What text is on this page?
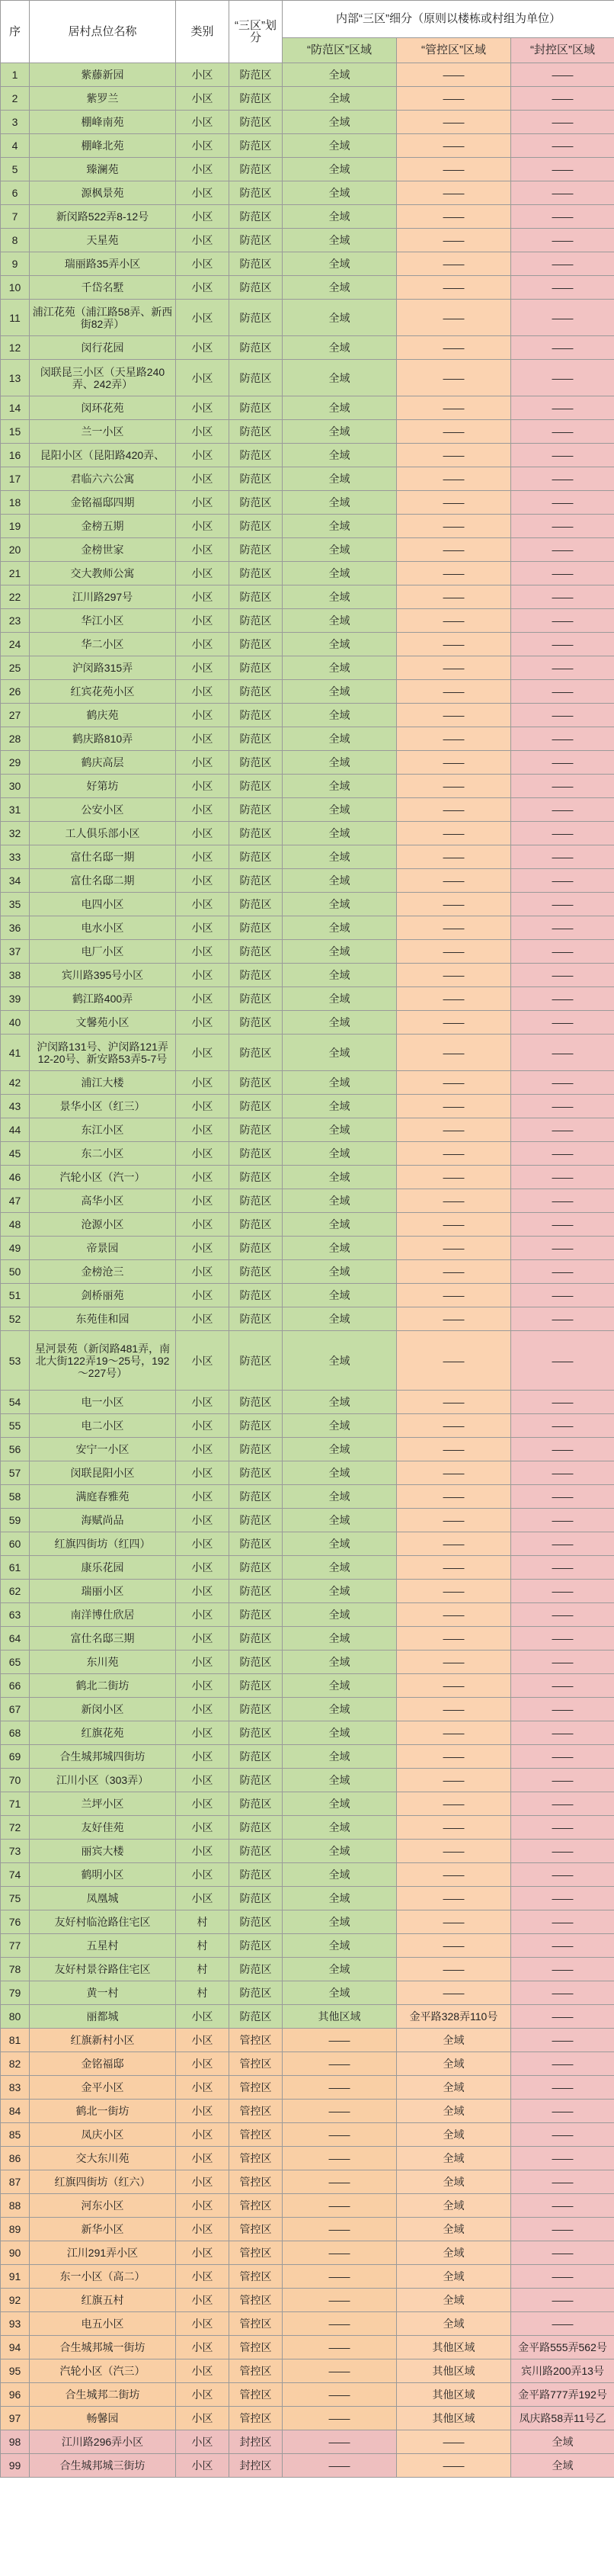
序	居村点位名称	类别	“三区”划分	内部“三区”细分（原则以楼栋或村组为单位）		
				“防范区”区域	“管控区”区域	“封控区”区域
1	紫藤新园	小区	防范区	全域	——	——
2	紫罗兰	小区	防范区	全域	——	——
3	棚峰南苑	小区	防范区	全域	——	——
4	棚峰北苑	小区	防范区	全域	——	——
5	臻澜苑	小区	防范区	全域	——	——
6	源枫景苑	小区	防范区	全域	——	——
7	新闵路522弄8-12号	小区	防范区	全域	——	——
8	天星苑	小区	防范区	全域	——	——
9	瑞丽路35弄小区	小区	防范区	全域	——	——
10	千岱名墅	小区	防范区	全域	——	——
11	浦江花苑（浦江路58弄、新西街82弄）	小区	防范区	全域	——	——
12	闵行花园	小区	防范区	全域	——	——
13	闵联昆三小区（天星路240弄、242弄）	小区	防范区	全域	——	——
14	闵环花苑	小区	防范区	全域	——	——
15	兰一小区	小区	防范区	全域	——	——
16	昆阳小区（昆阳路420弄、	小区	防范区	全域	——	——
17	君临六六公寓	小区	防范区	全域	——	——
18	金铭福邸四期	小区	防范区	全域	——	——
19	金榜五期	小区	防范区	全域	——	——
20	金榜世家	小区	防范区	全域	——	——
21	交大教师公寓	小区	防范区	全域	——	——
22	江川路297号	小区	防范区	全域	——	——
23	华江小区	小区	防范区	全域	——	——
24	华二小区	小区	防范区	全域	——	——
25	沪闵路315弄	小区	防范区	全域	——	——
26	红宾花苑小区	小区	防范区	全域	——	——
27	鹤庆苑	小区	防范区	全域	——	——
28	鹤庆路810弄	小区	防范区	全域	——	——
29	鹤庆高层	小区	防范区	全域	——	——
30	好第坊	小区	防范区	全域	——	——
31	公安小区	小区	防范区	全域	——	——
32	工人俱乐部小区	小区	防范区	全域	——	——
33	富仕名邸一期	小区	防范区	全域	——	——
34	富仕名邸二期	小区	防范区	全域	——	——
35	电四小区	小区	防范区	全域	——	——
36	电水小区	小区	防范区	全域	——	——
37	电厂小区	小区	防范区	全域	——	——
38	宾川路395号小区	小区	防范区	全域	——	——
39	鹤江路400弄	小区	防范区	全域	——	——
40	文馨苑小区	小区	防范区	全域	——	——
41	沪闵路131号、沪闵路121弄12-20号、新安路53弄5-7号	小区	防范区	全域	——	——
42	浦江大楼	小区	防范区	全域	——	——
43	景华小区（红三）	小区	防范区	全域	——	——
44	东江小区	小区	防范区	全域	——	——
45	东二小区	小区	防范区	全域	——	——
46	汽轮小区（汽一）	小区	防范区	全域	——	——
47	高华小区	小区	防范区	全域	——	——
48	沧源小区	小区	防范区	全域	——	——
49	帝景园	小区	防范区	全域	——	——
50	金榜沧三	小区	防范区	全域	——	——
51	剑桥丽苑	小区	防范区	全域	——	——
52	东苑佳和园	小区	防范区	全域	——	——
53	星河景苑（新闵路481弄，南北大街122弄19～25号，192～227号）	小区	防范区	全域	——	——
54	电一小区	小区	防范区	全域	——	——
55	电二小区	小区	防范区	全域	——	——
56	安宁一小区	小区	防范区	全域	——	——
57	闵联昆阳小区	小区	防范区	全域	——	——
58	满庭春雅苑	小区	防范区	全域	——	——
59	海赋尚品	小区	防范区	全域	——	——
60	红旗四街坊（红四）	小区	防范区	全域	——	——
61	康乐花园	小区	防范区	全域	——	——
62	瑞丽小区	小区	防范区	全域	——	——
63	南洋博仕欣居	小区	防范区	全域	——	——
64	富仕名邸三期	小区	防范区	全域	——	——
65	东川苑	小区	防范区	全域	——	——
66	鹤北二街坊	小区	防范区	全域	——	——
67	新闵小区	小区	防范区	全域	——	——
68	红旗花苑	小区	防范区	全域	——	——
69	合生城邦城四街坊	小区	防范区	全域	——	——
70	江川小区（303弄）	小区	防范区	全域	——	——
71	兰坪小区	小区	防范区	全域	——	——
72	友好佳苑	小区	防范区	全域	——	——
73	丽宾大楼	小区	防范区	全域	——	——
74	鹤明小区	小区	防范区	全域	——	——
75	凤凰城	小区	防范区	全域	——	——
76	友好村临沧路住宅区	村	防范区	全域	——	——
77	五星村	村	防范区	全域	——	——
78	友好村景谷路住宅区	村	防范区	全域	——	——
79	黄一村	村	防范区	全域	——	——
80	丽都城	小区	防范区	其他区域	金平路328弄110号	——
81	红旗新村小区	小区	管控区	——	全域	——
82	金铭福邸	小区	管控区	——	全域	——
83	金平小区	小区	管控区	——	全域	——
84	鹤北一街坊	小区	管控区	——	全域	——
85	凤庆小区	小区	管控区	——	全域	——
86	交大东川苑	小区	管控区	——	全域	——
87	红旗四街坊（红六）	小区	管控区	——	全域	——
88	河东小区	小区	管控区	——	全域	——
89	新华小区	小区	管控区	——	全域	——
90	江川291弄小区	小区	管控区	——	全域	——
91	东一小区（高二）	小区	管控区	——	全域	——
92	红旗五村	小区	管控区	——	全域	——
93	电五小区	小区	管控区	——	全域	——
94	合生城邦城一街坊	小区	管控区	——	其他区域	金平路555弄562号
95	汽轮小区（汽三）	小区	管控区	——	其他区域	宾川路200弄13号
96	合生城邦二街坊	小区	管控区	——	其他区域	金平路777弄192号
97	畅馨园	小区	管控区	——	其他区域	凤庆路58弄11号乙
98	江川路296弄小区	小区	封控区	——	——	全域
99	合生城邦城三街坊	小区	封控区	——	——	全域
